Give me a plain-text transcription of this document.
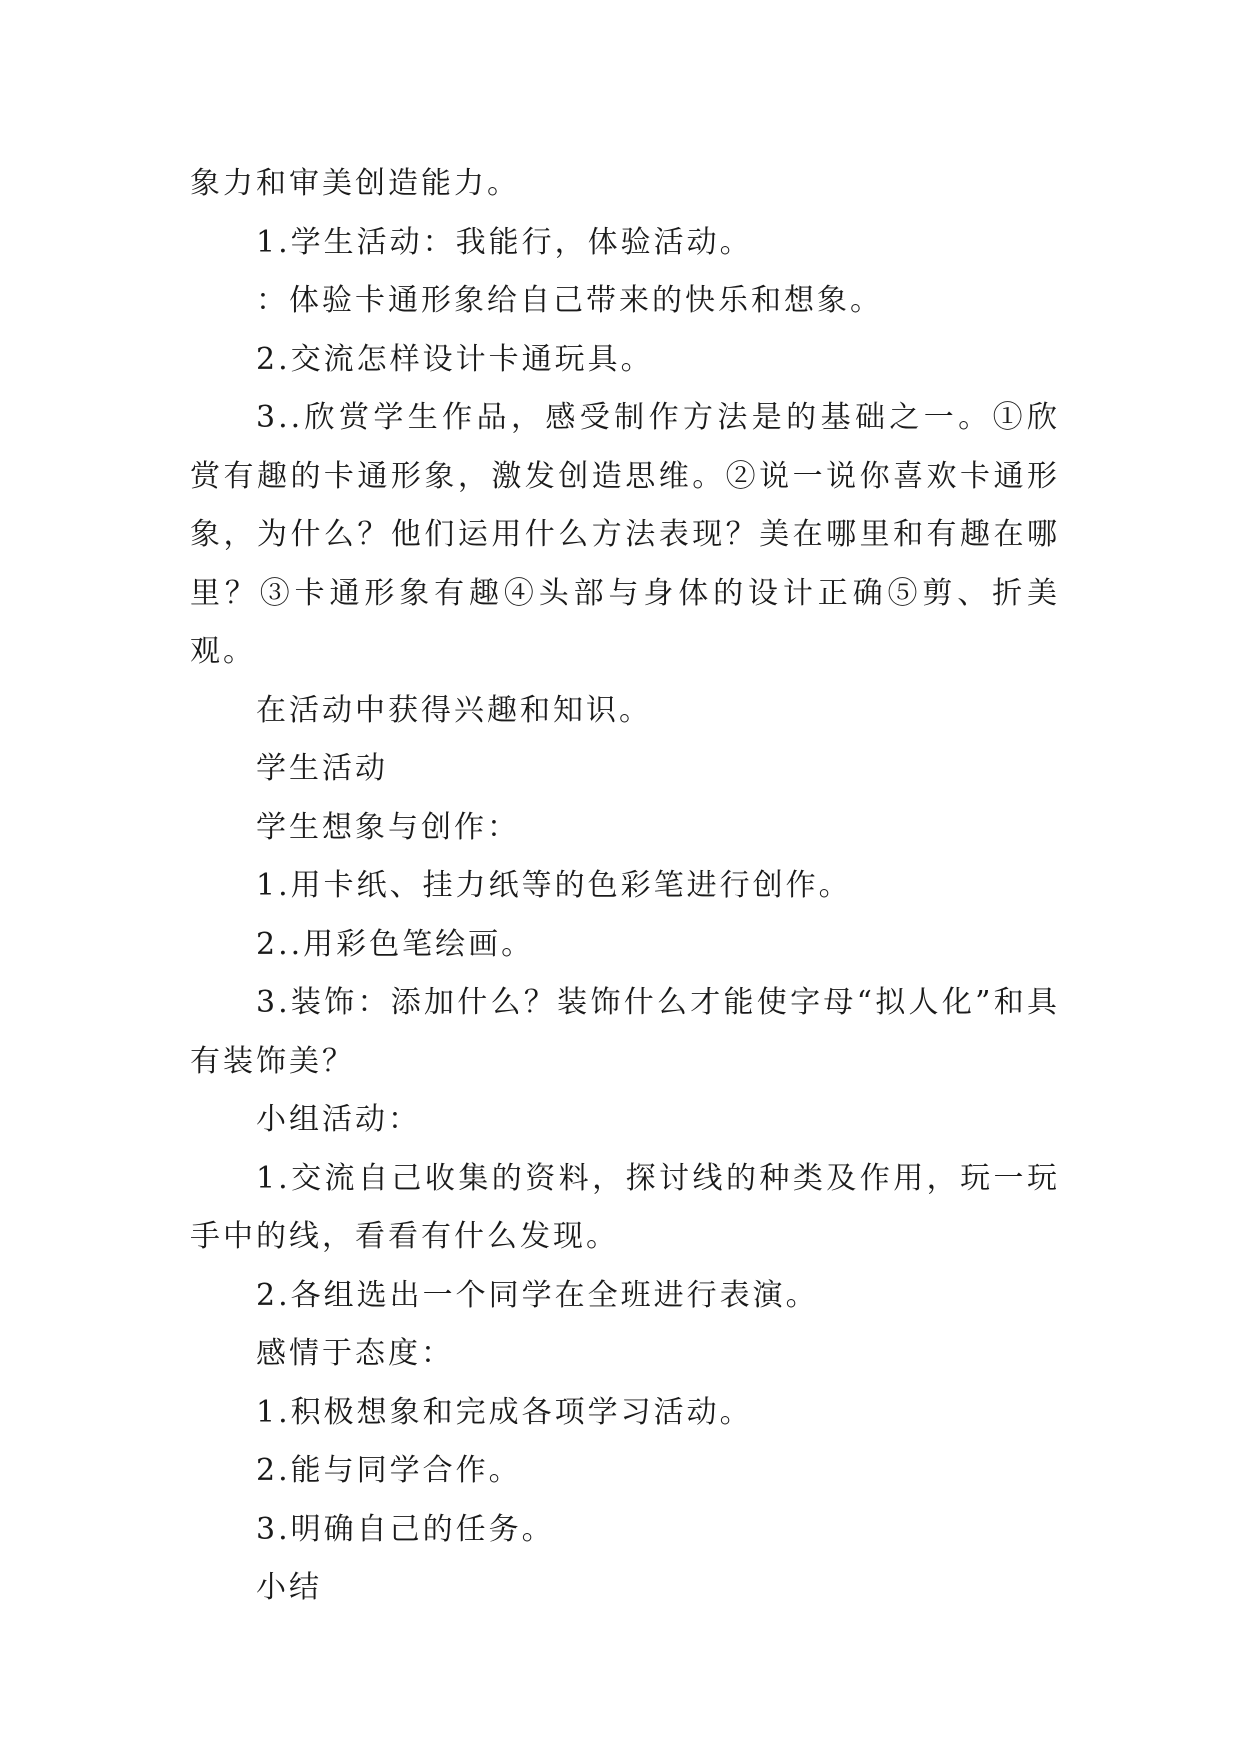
象力和审美创造能力。

1.学生活动：我能行，体验活动。

：体验卡通形象给自己带来的快乐和想象。

2.交流怎样设计卡通玩具。

3..欣赏学生作品，感受制作方法是的基础之一。①欣赏有趣的卡通形象，激发创造思维。②说一说你喜欢卡通形象，为什么？他们运用什么方法表现？美在哪里和有趣在哪里？③卡通形象有趣④头部与身体的设计正确⑤剪、折美观。

在活动中获得兴趣和知识。

学生活动

学生想象与创作：

1.用卡纸、挂力纸等的色彩笔进行创作。

2..用彩色笔绘画。

3.装饰：添加什么？装饰什么才能使字母“拟人化”和具有装饰美？

小组活动：

1.交流自己收集的资料，探讨线的种类及作用，玩一玩手中的线，看看有什么发现。

2.各组选出一个同学在全班进行表演。

感情于态度：

1.积极想象和完成各项学习活动。

2.能与同学合作。

3.明确自己的任务。

小结
